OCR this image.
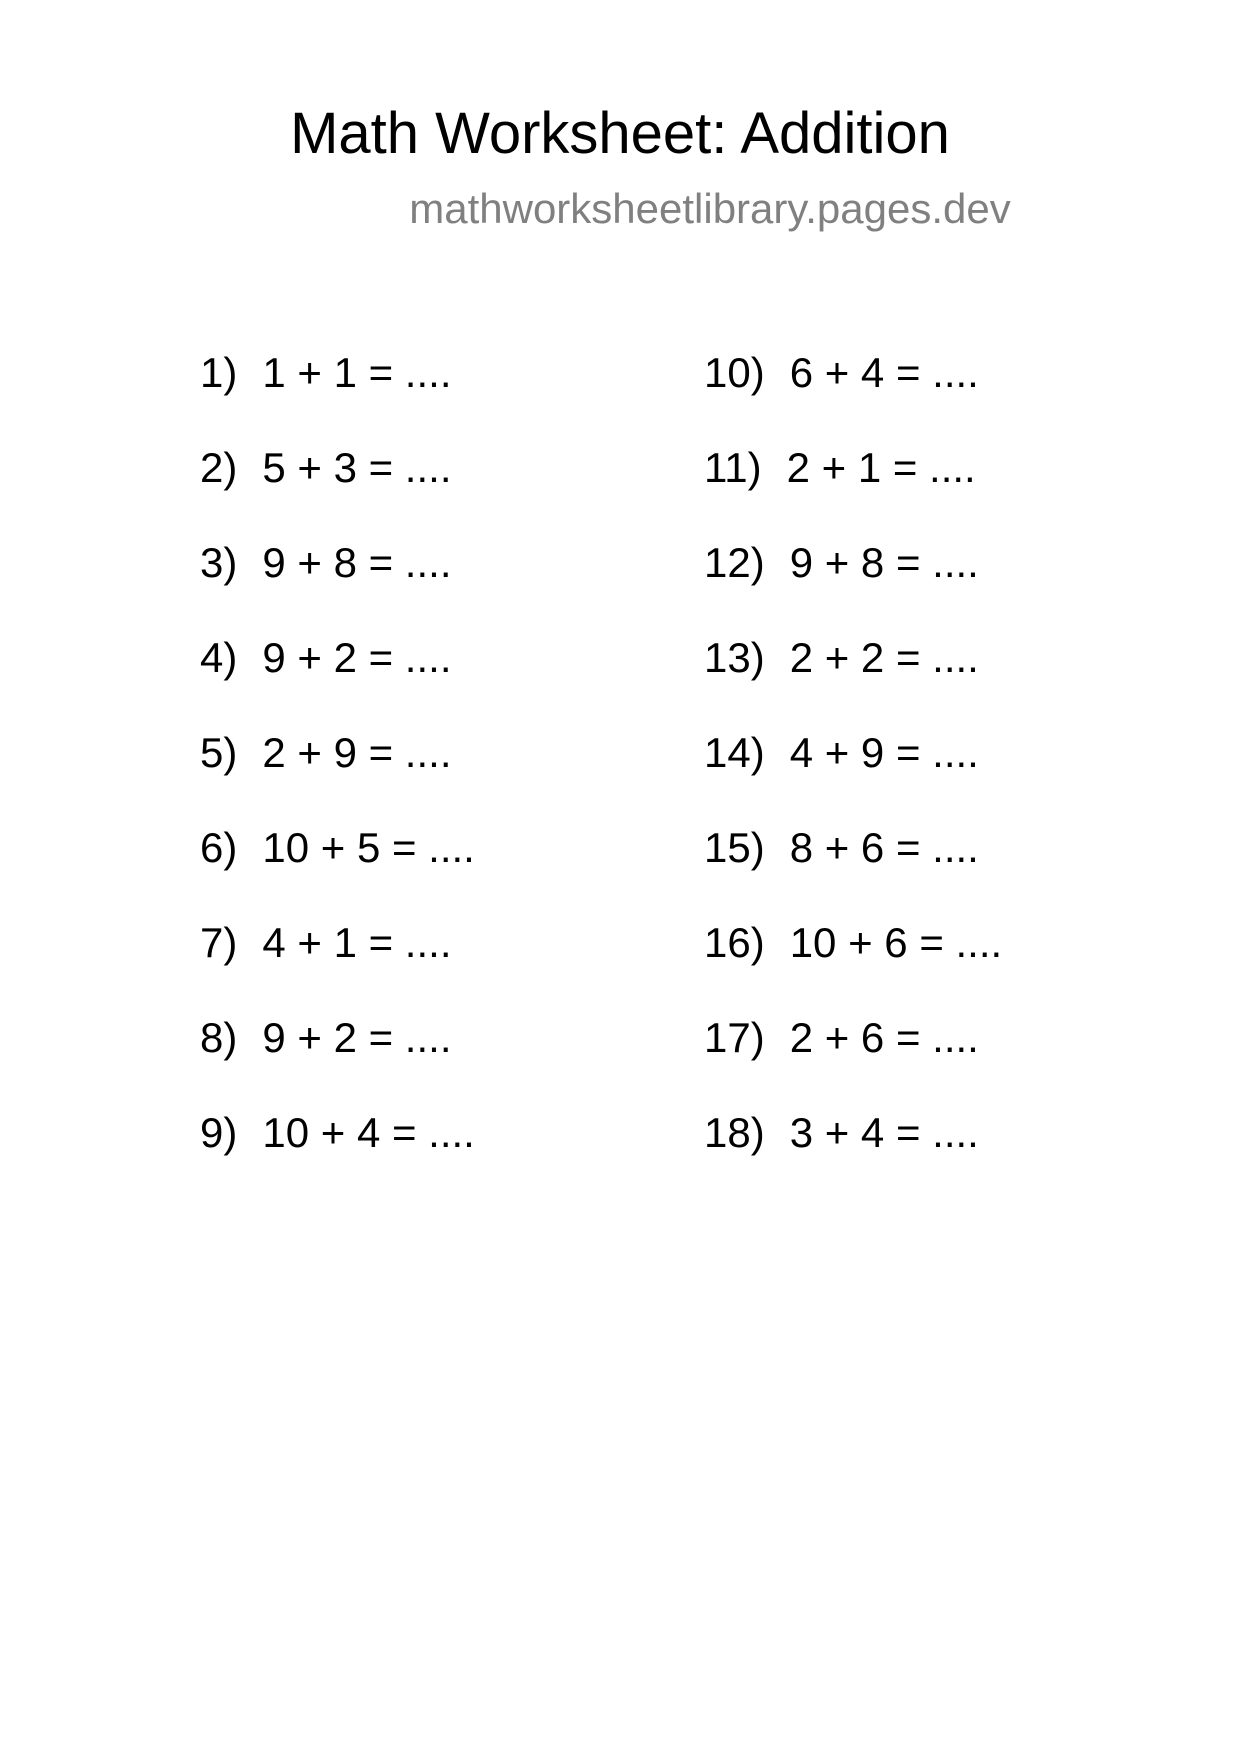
Math Worksheet: Addition
mathworksheetlibrary.pages.dev
1) 1 + 1 = ....
2) 5 + 3 = ....
3) 9 + 8 = ....
4) 9 + 2 = ....
5) 2 + 9 = ....
6) 10 + 5 = ....
7) 4 + 1 = ....
8) 9 + 2 = ....
9) 10 + 4 = ....
10) 6 + 4 = ....
11) 2 + 1 = ....
12) 9 + 8 = ....
13) 2 + 2 = ....
14) 4 + 9 = ....
15) 8 + 6 = ....
16) 10 + 6 = ....
17) 2 + 6 = ....
18) 3 + 4 = ....
